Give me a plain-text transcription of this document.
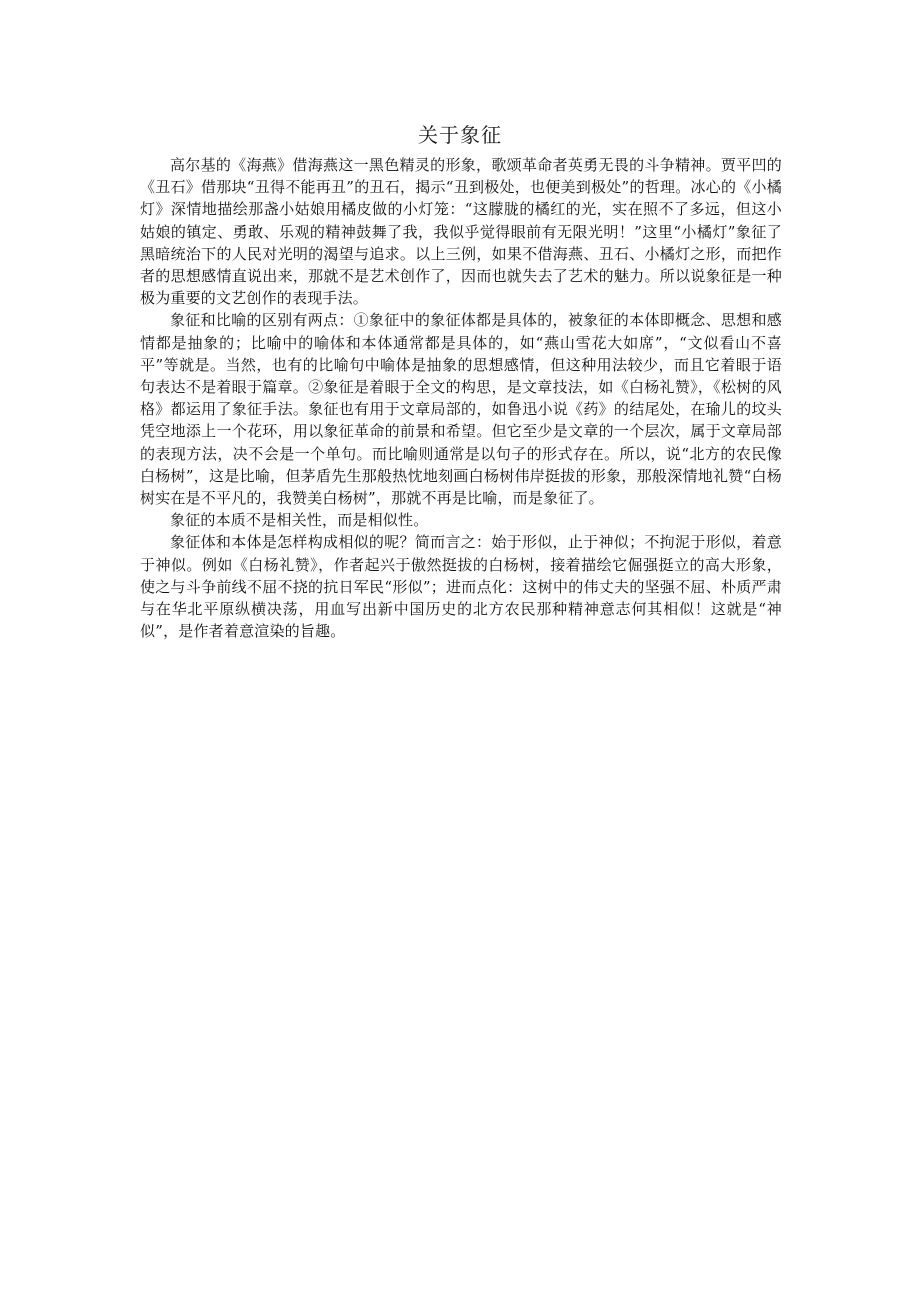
关于象征

高尔基的《海燕》借海燕这一黑色精灵的形象，歌颂革命者英勇无畏的斗争精神。贾平凹的《丑石》借那块“丑得不能再丑”的丑石，揭示“丑到极处，也便美到极处”的哲理。冰心的《小橘灯》深情地描绘那盏小姑娘用橘皮做的小灯笼：“这朦胧的橘红的光，实在照不了多远，但这小姑娘的镇定、勇敢、乐观的精神鼓舞了我，我似乎觉得眼前有无限光明！”这里“小橘灯”象征了黑暗统治下的人民对光明的渴望与追求。以上三例，如果不借海燕、丑石、小橘灯之形，而把作者的思想感情直说出来，那就不是艺术创作了，因而也就失去了艺术的魅力。所以说象征是一种极为重要的文艺创作的表现手法。

象征和比喻的区别有两点：①象征中的象征体都是具体的，被象征的本体即概念、思想和感情都是抽象的；比喻中的喻体和本体通常都是具体的，如“燕山雪花大如席”，“文似看山不喜平”等就是。当然，也有的比喻句中喻体是抽象的思想感情，但这种用法较少，而且它着眼于语句表达不是着眼于篇章。②象征是着眼于全文的构思，是文章技法，如《白杨礼赞》，《松树的风格》都运用了象征手法。象征也有用于文章局部的，如鲁迅小说《药》的结尾处，在瑜儿的坟头凭空地添上一个花环，用以象征革命的前景和希望。但它至少是文章的一个层次，属于文章局部的表现方法，决不会是一个单句。而比喻则通常是以句子的形式存在。所以，说“北方的农民像白杨树”，这是比喻，但茅盾先生那般热忱地刻画白杨树伟岸挺拔的形象，那般深情地礼赞“白杨树实在是不平凡的，我赞美白杨树”，那就不再是比喻，而是象征了。

象征的本质不是相关性，而是相似性。

象征体和本体是怎样构成相似的呢？简而言之：始于形似，止于神似；不拘泥于形似，着意于神似。例如《白杨礼赞》，作者起兴于傲然挺拔的白杨树，接着描绘它倔强挺立的高大形象，使之与斗争前线不屈不挠的抗日军民“形似”；进而点化：这树中的伟丈夫的坚强不屈、朴质严肃与在华北平原纵横决荡，用血写出新中国历史的北方农民那种精神意志何其相似！这就是“神似”，是作者着意渲染的旨趣。
